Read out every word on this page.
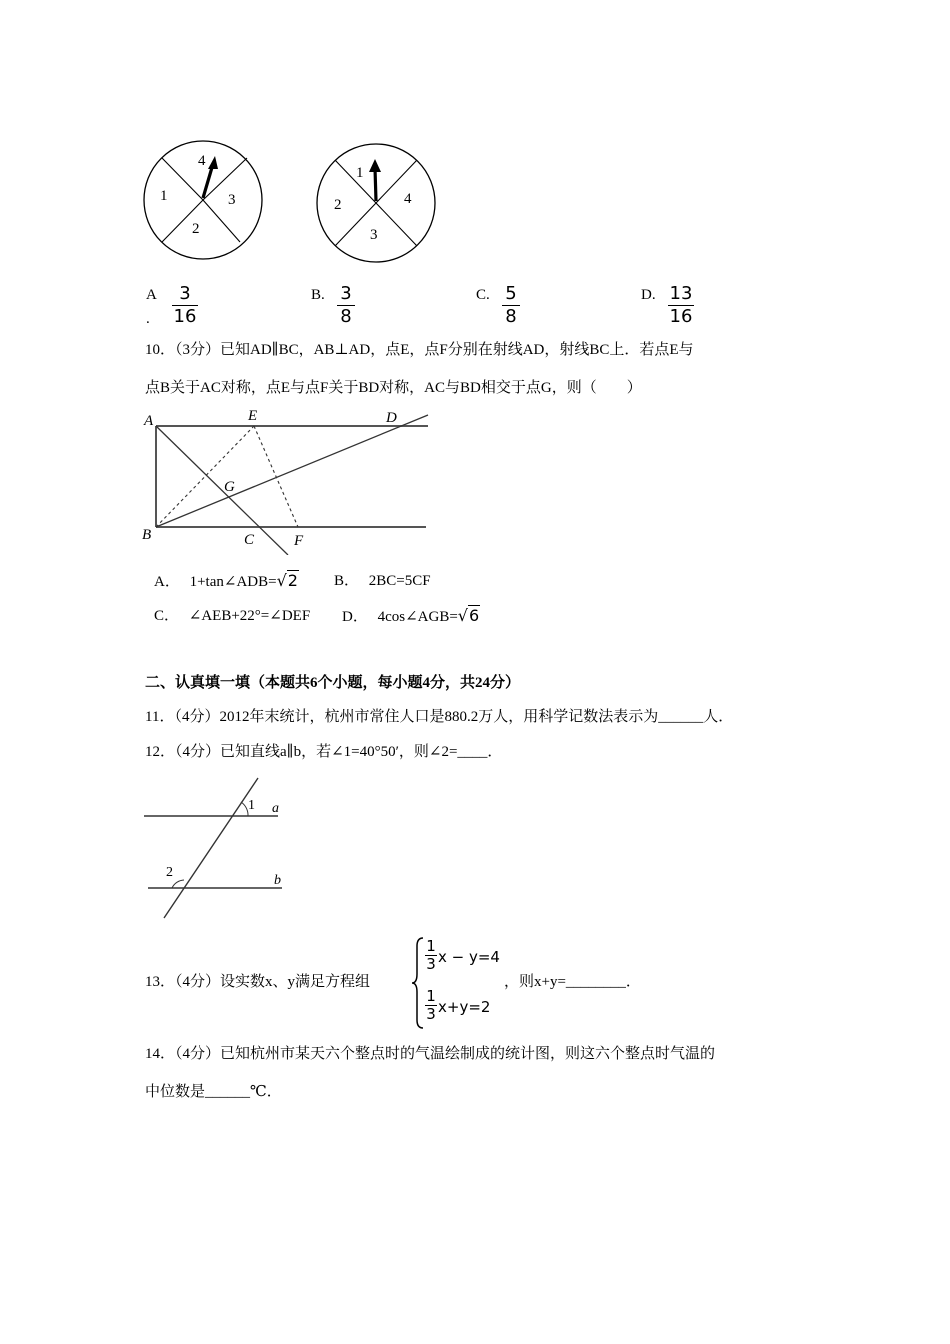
4
1	3
2
1
2	4
3
A
.
3
16
B. 3
8
C. 5
8
D. 13
16
10．（3分）已知AD∥BC，AB⊥AD，点E，点F分别在射线AD，射线BC上．若点E与
点B关于AC对称，点E与点F关于BD对称，AC与BD相交于点G，则（　　）
A	E	D
G
B	C	F
A． 1+tan∠ADB=√2 B． 2BC=5CF
C． ∠AEB+22°=∠DEF D． 4cos∠AGB=√6
二、认真填一填（本题共6个小题，每小题4分，共24分）
11．（4分）2012年末统计，杭州市常住人口是880.2万人，用科学记数法表示为______人．
12．（4分）已知直线a∥b，若∠1=40°50′，则∠2=____．
1 a
2
b
13．（4分）设实数x、y满足方程组
1
3 x − y=4
1
3 x+y=2
，则x+y=________．
14．（4分）已知杭州市某天六个整点时的气温绘制成的统计图，则这六个整点时气温的
中位数是______℃．
